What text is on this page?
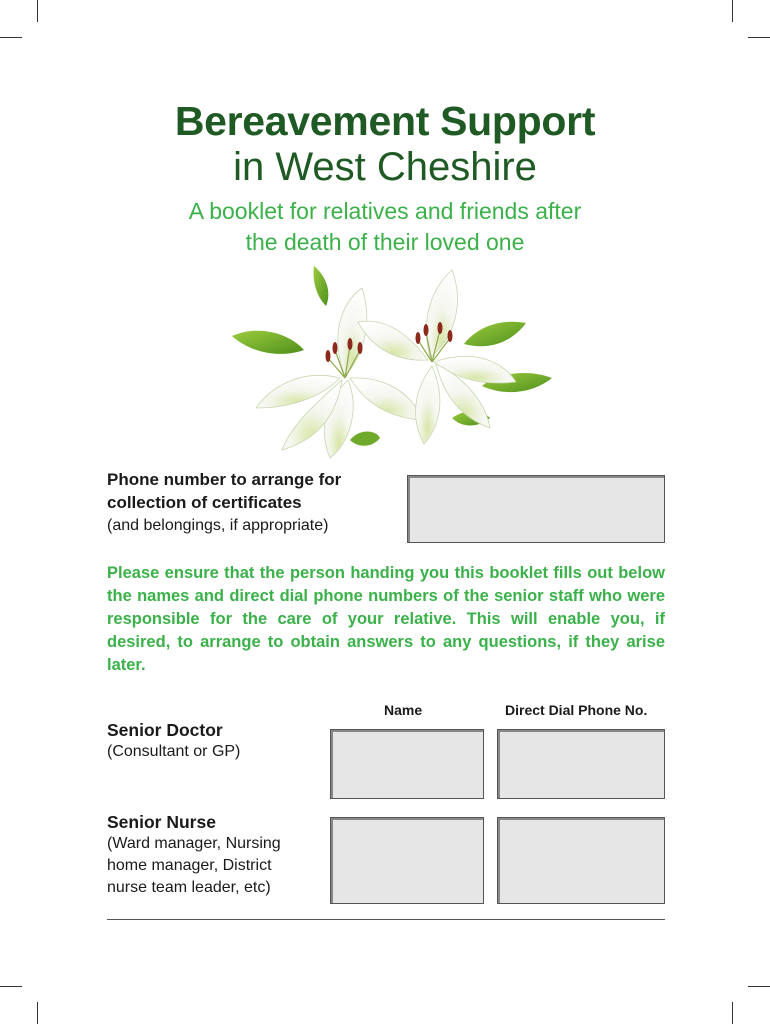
Bereavement Support
in West Cheshire
A booklet for relatives and friends after
the death of their loved one
Phone number to arrange for
collection of certificates
(and belongings, if appropriate)
Please ensure that the person handing you this booklet fills out below the names and direct dial phone numbers of the senior staff who were responsible for the care of your relative. This will enable you, if desired, to arrange to obtain answers to any questions, if they arise later.
Name	Direct Dial Phone No.
Senior Doctor
(Consultant or GP)
Senior Nurse
(Ward manager, Nursing
home manager, District
nurse team leader, etc)
